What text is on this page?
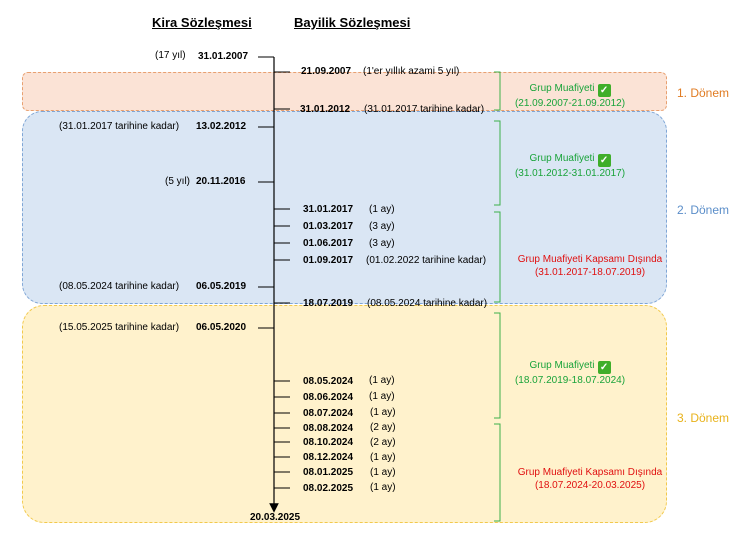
1. Dönem
2. Dönem
3. Dönem
Kira Sözleşmesi	Bayilik Sözleşmesi
(17 yıl) 31.01.2007
(31.01.2017 tarihine kadar) 13.02.2012
(5 yıl) 20.11.2016
(08.05.2024 tarihine kadar) 06.05.2019
(15.05.2025 tarihine kadar) 06.05.2020
21.09.2007 (1'er yıllık azami 5 yıl)
31.01.2012 (31.01.2017 tarihine kadar)
31.01.2017 (1 ay)
01.03.2017 (3 ay)
01.06.2017 (3 ay)
01.09.2017 (01.02.2022 tarihine kadar)
18.07.2019 (08.05.2024 tarihine kadar)
08.05.2024 (1 ay)
08.06.2024 (1 ay)
08.07.2024 (1 ay)
08.08.2024 (2 ay)
08.10.2024 (2 ay)
08.12.2024 (1 ay)
08.01.2025 (1 ay)
08.02.2025 (1 ay)
20.03.2025
Grup Muafiyeti ✓
(21.09.2007-21.09.2012)
Grup Muafiyeti ✓
(31.01.2012-31.01.2017)
Grup Muafiyeti Kapsamı Dışında
(31.01.2017-18.07.2019)
Grup Muafiyeti ✓
(18.07.2019-18.07.2024)
Grup Muafiyeti Kapsamı Dışında
(18.07.2024-20.03.2025)
